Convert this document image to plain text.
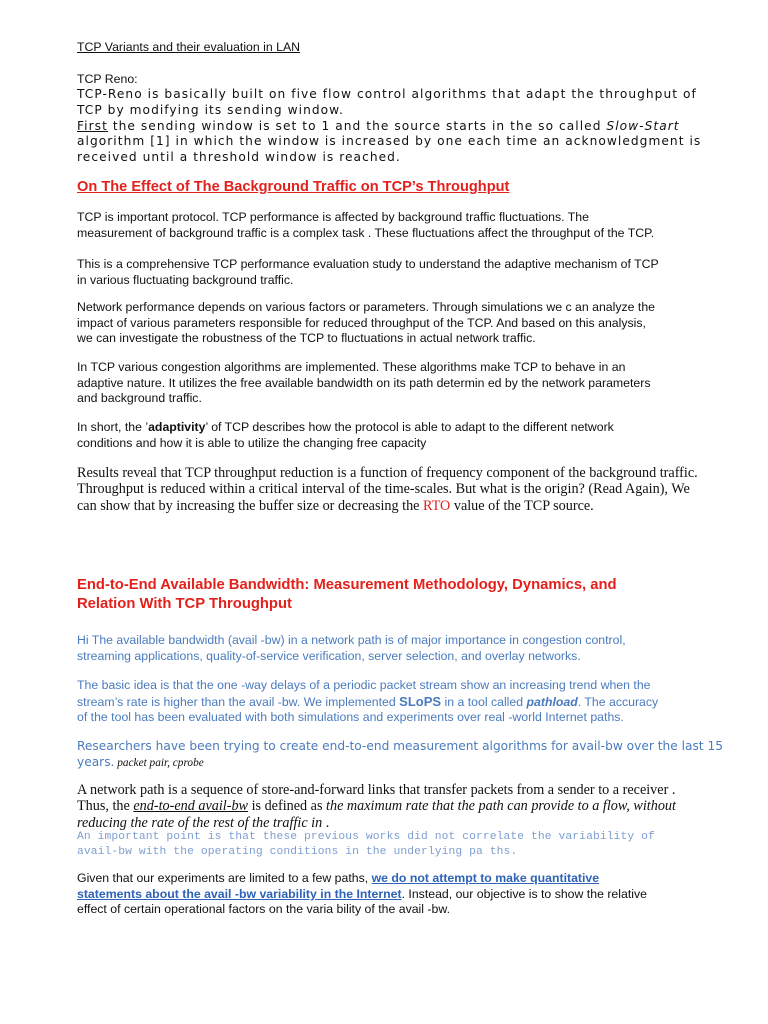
TCP Variants and their evaluation in LAN

TCP Reno:

TCP-Reno is basically built on five flow control algorithms that adapt the throughput of
TCP by modifying its sending window.
First the sending window is set to 1 and the source starts in the so called Slow-Start
algorithm [1] in which the window is increased by one each time an acknowledgment is
received until a threshold window is reached.

On The Effect of The Background Traffic on TCP’s Throughput

TCP is important protocol. TCP performance is affected by background traffic fluctuations. The
measurement of background traffic is a complex task . These fluctuations affect the throughput of the TCP.
This is a comprehensive TCP performance evaluation study to understand the adaptive mechanism of TCP
in various fluctuating background traffic.
Network performance depends on various factors or parameters. Through simulations we c an analyze the
impact of various parameters responsible for reduced throughput of the TCP. And based on this analysis,
we can investigate the robustness of the TCP to fluctuations in actual network traffic.
In TCP various congestion algorithms are implemented. These algorithms make TCP to behave in an
adaptive nature. It utilizes the free available bandwidth on its path determin ed by the network parameters
and background traffic.
In short, the ’adaptivity’ of TCP describes how the protocol is able to adapt to the different network
conditions and how it is able to utilize the changing free capacity
Results reveal that TCP throughput reduction is a function of frequency component of the background traffic.
Throughput is reduced within a critical interval of the time-scales. But what is the origin? (Read Again), We
can show that by increasing the buffer size or decreasing the RTO value of the TCP source.
End-to-End Available Bandwidth: Measurement Methodology, Dynamics, and
Relation With TCP Throughput
Hi The available bandwidth (avail -bw) in a network path is of major importance in congestion control,
streaming applications, quality-of-service verification, server selection, and overlay networks.
The basic idea is that the one -way delays of a periodic packet stream show an increasing trend when the
stream’s rate is higher than the avail -bw. We implemented SLoPS in a tool called pathload. The accuracy
of the tool has been evaluated with both simulations and experiments over real -world Internet paths.
Researchers have been trying to create end-to-end measurement algorithms for avail-bw over the last 15
years. packet pair, cprobe
A network path is a sequence of store-and-forward links that transfer packets from a sender to a receiver .
Thus, the end-to-end avail-bw is defined as the maximum rate that the path can provide to a flow, without
reducing the rate of the rest of the traffic in .
An important point is that these previous works did not correlate the variability of
avail-bw with the operating conditions in the underlying pa ths.
Given that our experiments are limited to a few paths, we do not attempt to make quantitative
statements about the avail -bw variability in the Internet. Instead, our objective is to show the relative
effect of certain operational factors on the varia bility of the avail -bw.
